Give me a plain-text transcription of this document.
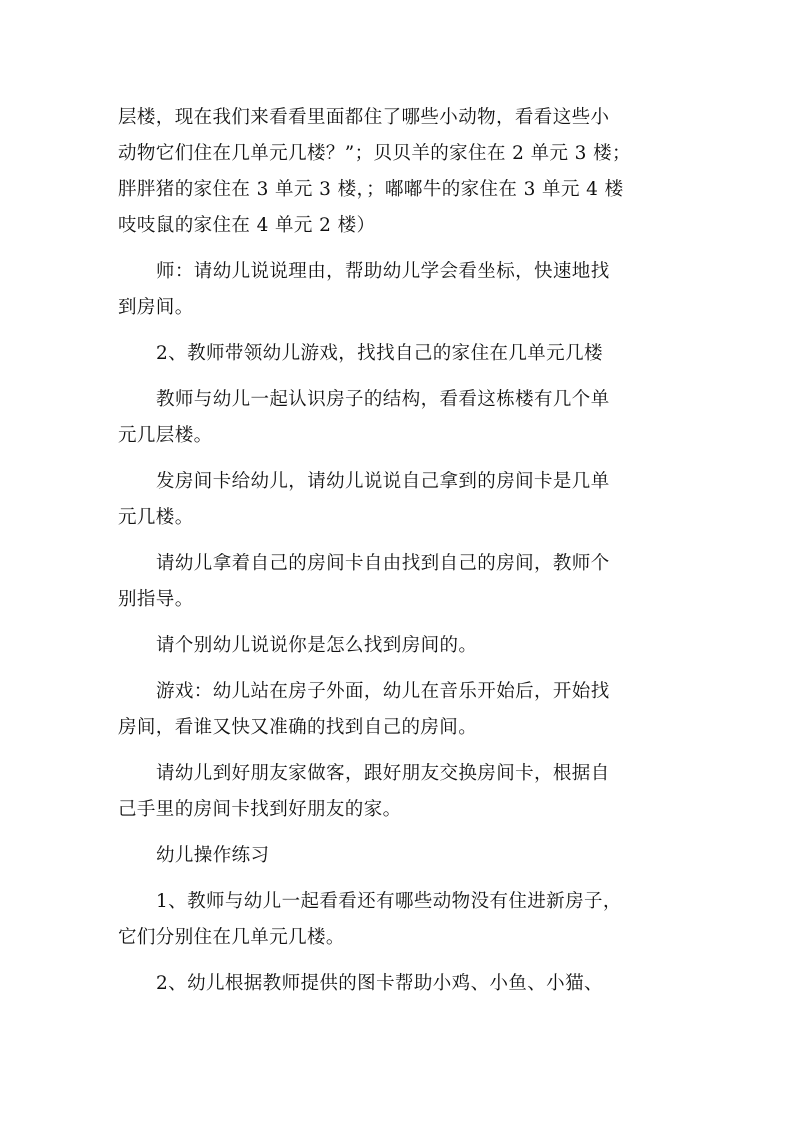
层楼，现在我们来看看里面都住了哪些小动物，看看这些小
动物它们住在几单元几楼？”；贝贝羊的家住在 2 单元 3 楼；
胖胖猪的家住在 3 单元 3 楼，；嘟嘟牛的家住在 3 单元 4 楼
吱吱鼠的家住在 4 单元 2 楼）

师：请幼儿说说理由，帮助幼儿学会看坐标，快速地找
到房间。

2、教师带领幼儿游戏，找找自己的家住在几单元几楼

教师与幼儿一起认识房子的结构，看看这栋楼有几个单
元几层楼。

发房间卡给幼儿，请幼儿说说自己拿到的房间卡是几单
元几楼。

请幼儿拿着自己的房间卡自由找到自己的房间，教师个
别指导。

请个别幼儿说说你是怎么找到房间的。

游戏：幼儿站在房子外面，幼儿在音乐开始后，开始找
房间，看谁又快又准确的找到自己的房间。

请幼儿到好朋友家做客，跟好朋友交换房间卡，根据自
己手里的房间卡找到好朋友的家。

幼儿操作练习

1、教师与幼儿一起看看还有哪些动物没有住进新房子，
它们分别住在几单元几楼。

2、幼儿根据教师提供的图卡帮助小鸡、小鱼、小猫、
